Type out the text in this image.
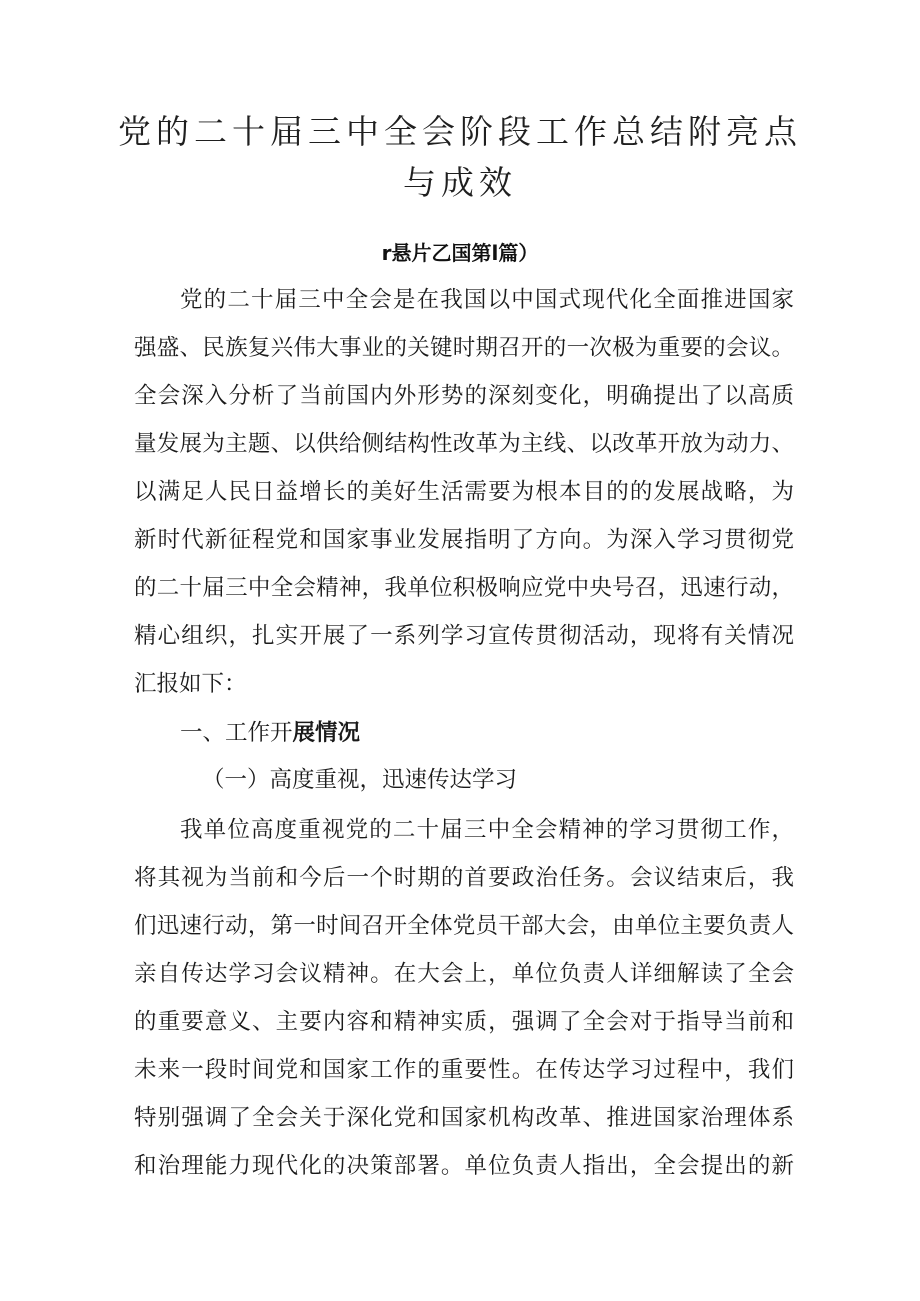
党的二十届三中全会阶段工作总结附亮点
与成效
r悬片乙国第l篇）
党的二十届三中全会是在我国以中国式现代化全面推进国家
强盛、民族复兴伟大事业的关键时期召开的一次极为重要的会议。
全会深入分析了当前国内外形势的深刻变化，明确提出了以高质
量发展为主题、以供给侧结构性改革为主线、以改革开放为动力、
以满足人民日益增长的美好生活需要为根本目的的发展战略，为
新时代新征程党和国家事业发展指明了方向。为深入学习贯彻党
的二十届三中全会精神，我单位积极响应党中央号召，迅速行动，
精心组织，扎实开展了一系列学习宣传贯彻活动，现将有关情况
汇报如下：
一、工作开展情况
（一）高度重视，迅速传达学习
我单位高度重视党的二十届三中全会精神的学习贯彻工作，
将其视为当前和今后一个时期的首要政治任务。会议结束后，我
们迅速行动，第一时间召开全体党员干部大会，由单位主要负责人
亲自传达学习会议精神。在大会上，单位负责人详细解读了全会
的重要意义、主要内容和精神实质，强调了全会对于指导当前和
未来一段时间党和国家工作的重要性。在传达学习过程中，我们
特别强调了全会关于深化党和国家机构改革、推进国家治理体系
和治理能力现代化的决策部署。单位负责人指出，全会提出的新
